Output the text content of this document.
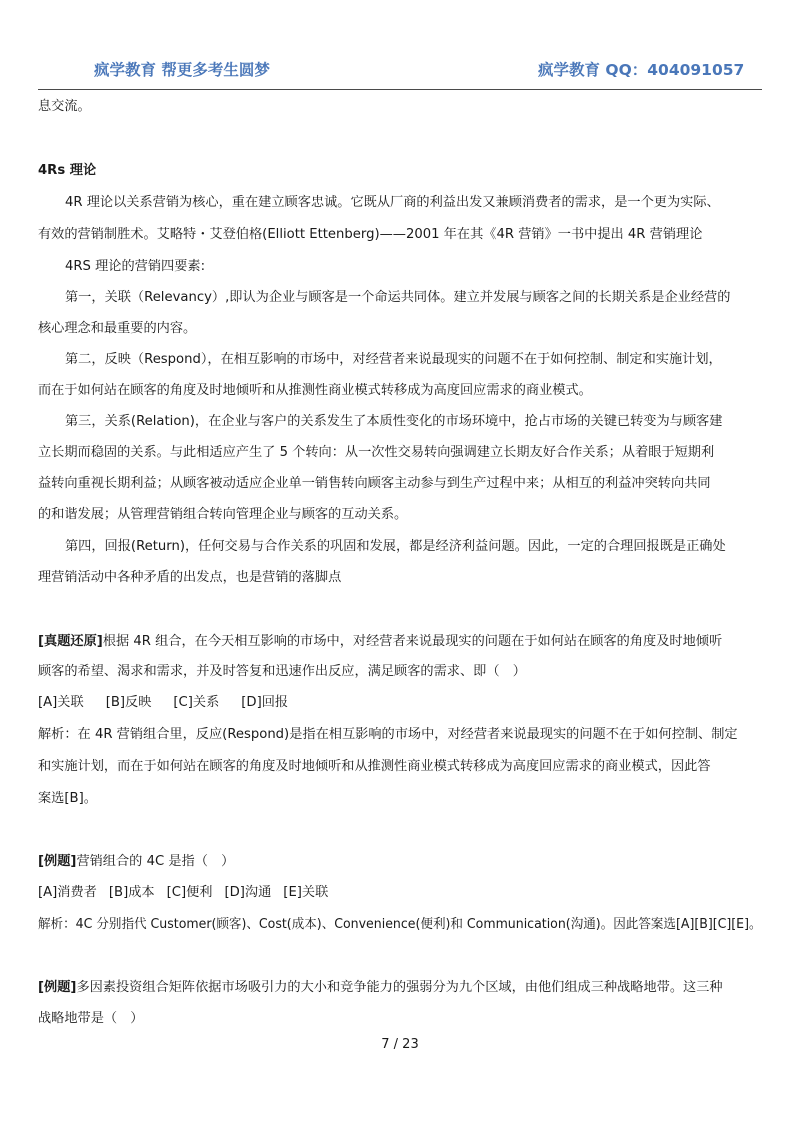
疯学教育 帮更多考生圆梦	疯学教育 QQ：404091057
息交流。
4Rs 理论
4R 理论以关系营销为核心，重在建立顾客忠诚。它既从厂商的利益出发又兼顾消费者的需求，是一个更为实际、
有效的营销制胜术。艾略特・艾登伯格(Elliott Ettenberg)——2001 年在其《4R 营销》一书中提出 4R 营销理论
4RS 理论的营销四要素:
第一，关联（Relevancy）,即认为企业与顾客是一个命运共同体。建立并发展与顾客之间的长期关系是企业经营的
核心理念和最重要的内容。
第二，反映（Respond），在相互影响的市场中，对经营者来说最现实的问题不在于如何控制、制定和实施计划，
而在于如何站在顾客的角度及时地倾听和从推测性商业模式转移成为高度回应需求的商业模式。
第三，关系(Relation)，在企业与客户的关系发生了本质性变化的市场环境中，抢占市场的关键已转变为与顾客建
立长期而稳固的关系。与此相适应产生了 5 个转向：从一次性交易转向强调建立长期友好合作关系；从着眼于短期利
益转向重视长期利益；从顾客被动适应企业单一销售转向顾客主动参与到生产过程中来；从相互的利益冲突转向共同
的和谐发展；从管理营销组合转向管理企业与顾客的互动关系。
第四，回报(Return)，任何交易与合作关系的巩固和发展，都是经济利益问题。因此，一定的合理回报既是正确处
理营销活动中各种矛盾的出发点，也是营销的落脚点
[真题还原]根据 4R 组合，在今天相互影响的市场中，对经营者来说最现实的问题在于如何站在顾客的角度及时地倾听
顾客的希望、渴求和需求，并及时答复和迅速作出反应，满足顾客的需求、即（　）
[A]关联 [B]反映 [C]关系 [D]回报
解析：在 4R 营销组合里，反应(Respond)是指在相互影响的市场中，对经营者来说最现实的问题不在于如何控制、制定
和实施计划，而在于如何站在顾客的角度及时地倾听和从推测性商业模式转移成为高度回应需求的商业模式，因此答
案选[B]。
[例题]营销组合的 4C 是指（　）
[A]消费者 [B]成本 [C]便利 [D]沟通 [E]关联
解析：4C 分别指代 Customer(顾客)、Cost(成本)、Convenience(便利)和 Communication(沟通)。因此答案选[A][B][C][E]。
[例题]多因素投资组合矩阵依据市场吸引力的大小和竞争能力的强弱分为九个区域，由他们组成三种战略地带。这三种
战略地带是（　）
7 / 23
